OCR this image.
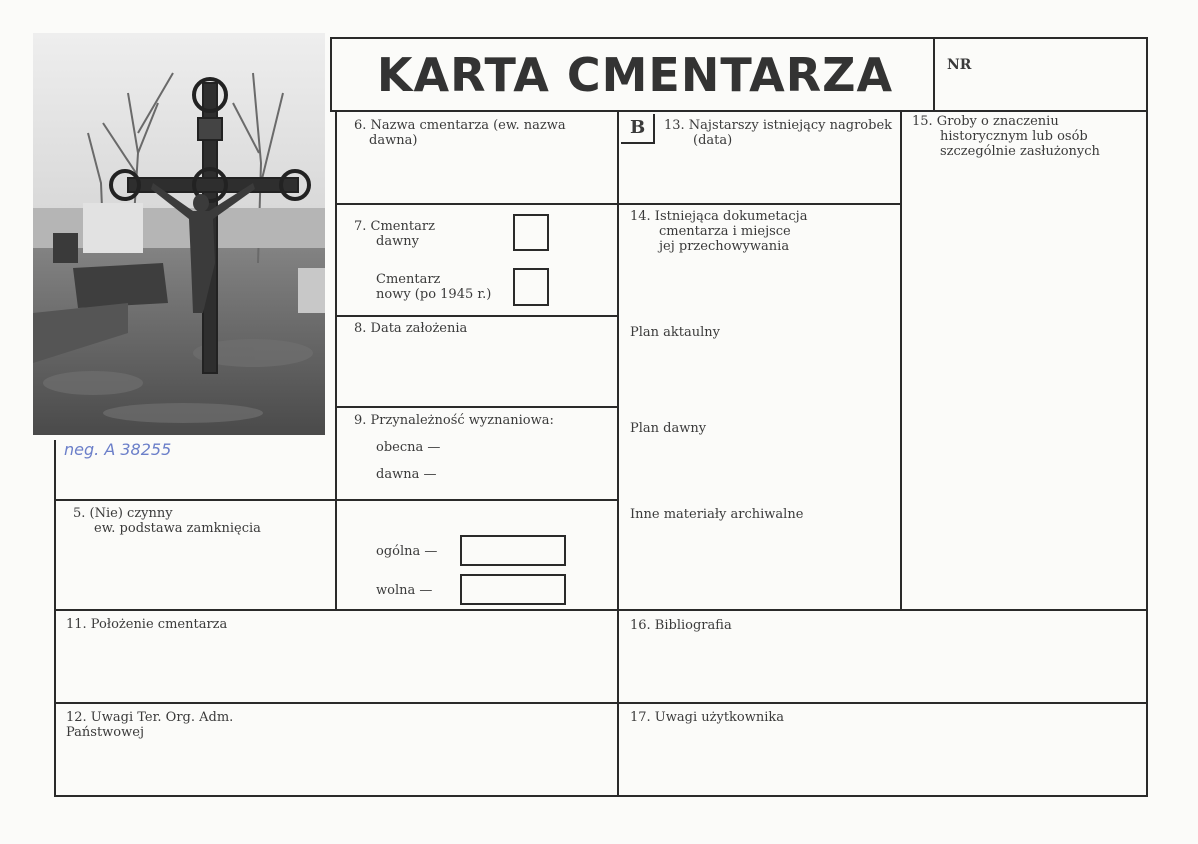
neg. A 38255
KARTA CMENTARZA	NR
B
5. (Nie) czynny
ew. podstawa zamknięcia
6. Nazwa cmentarza (ew. nazwa
dawna)
7. Cmentarz
dawny
Cmentarz
nowy (po 1945 r.)
8. Data założenia
9. Przynależność wyznaniowa:
obecna —
dawna —
ogólna —
wolna —
11. Położenie cmentarza
12. Uwagi Ter. Org. Adm.
Państwowej
13. Najstarszy istniejący nagrobek
(data)
14. Istniejąca dokumetacja
cmentarza i miejsce
jej przechowywania
Plan aktaulny
Plan dawny
Inne materiały archiwalne
15. Groby o znaczeniu
historycznym lub osób
szczególnie zasłużonych
16. Bibliografia
17. Uwagi użytkownika
